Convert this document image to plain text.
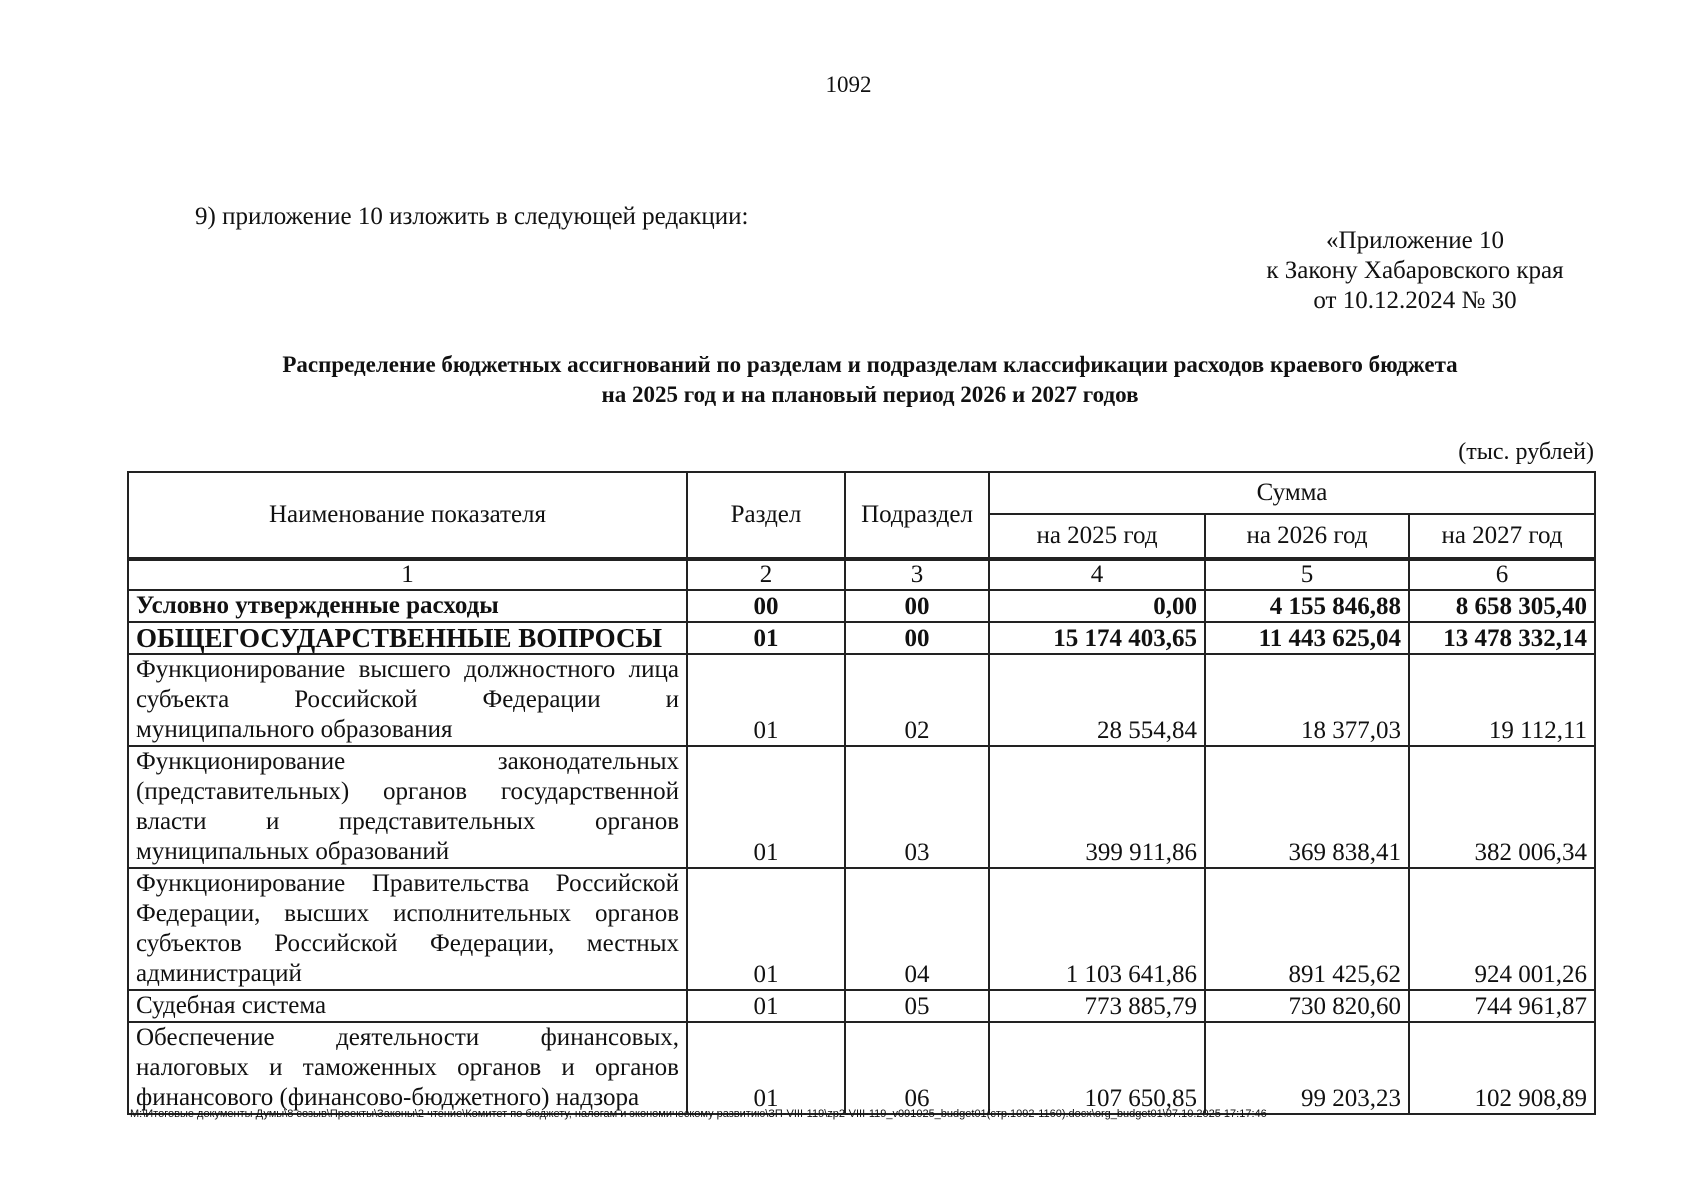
1092
9) приложение 10 изложить в следующей редакции:
«Приложение 10
к Закону Хабаровского края
от 10.12.2024 № 30
Распределение бюджетных ассигнований по разделам и подразделам классификации расходов краевого бюджета
на 2025 год и на плановый период 2026 и 2027 годов
(тыс. рублей)
Наименование показателя	Раздел	Подраздел	Сумма		
			на 2025 год	на 2026 год	на 2027 год

1	2	3	4	5	6
Условно утвержденные расходы	00	00	0,00	4 155 846,88	8 658 305,40
ОБЩЕГОСУДАРСТВЕННЫЕ ВОПРОСЫ	01	00	15 174 403,65	11 443 625,04	13 478 332,14
Функционирование высшего должностного лица субъекта Российской Федерации и муниципального образования	01	02	28 554,84	18 377,03	19 112,11
Функционирование законодательных (представительных) органов государственной власти и представительных органов муниципальных образований	01	03	399 911,86	369 838,41	382 006,34
Функционирование Правительства Российской Федерации, высших исполнительных органов субъектов Российской Федерации, местных администраций	01	04	1 103 641,86	891 425,62	924 001,26
Судебная система	01	05	773 885,79	730 820,60	744 961,87
Обеспечение деятельности финансовых, налоговых и таможенных органов и органов финансового (финансово-бюджетного) надзора	01	06	107 650,85	99 203,23	102 908,89
М:\Итоговые документы Думы\8 созыв\Проекты\Законы\2 чтение\Комитет по бюджету, налогам и экономическому развитию\ЗП-VIII-119\zp2-VIII-119_v091025_budget01(стр.1092-1160).docx\org_budget01\07.10.2025 17:17:46
